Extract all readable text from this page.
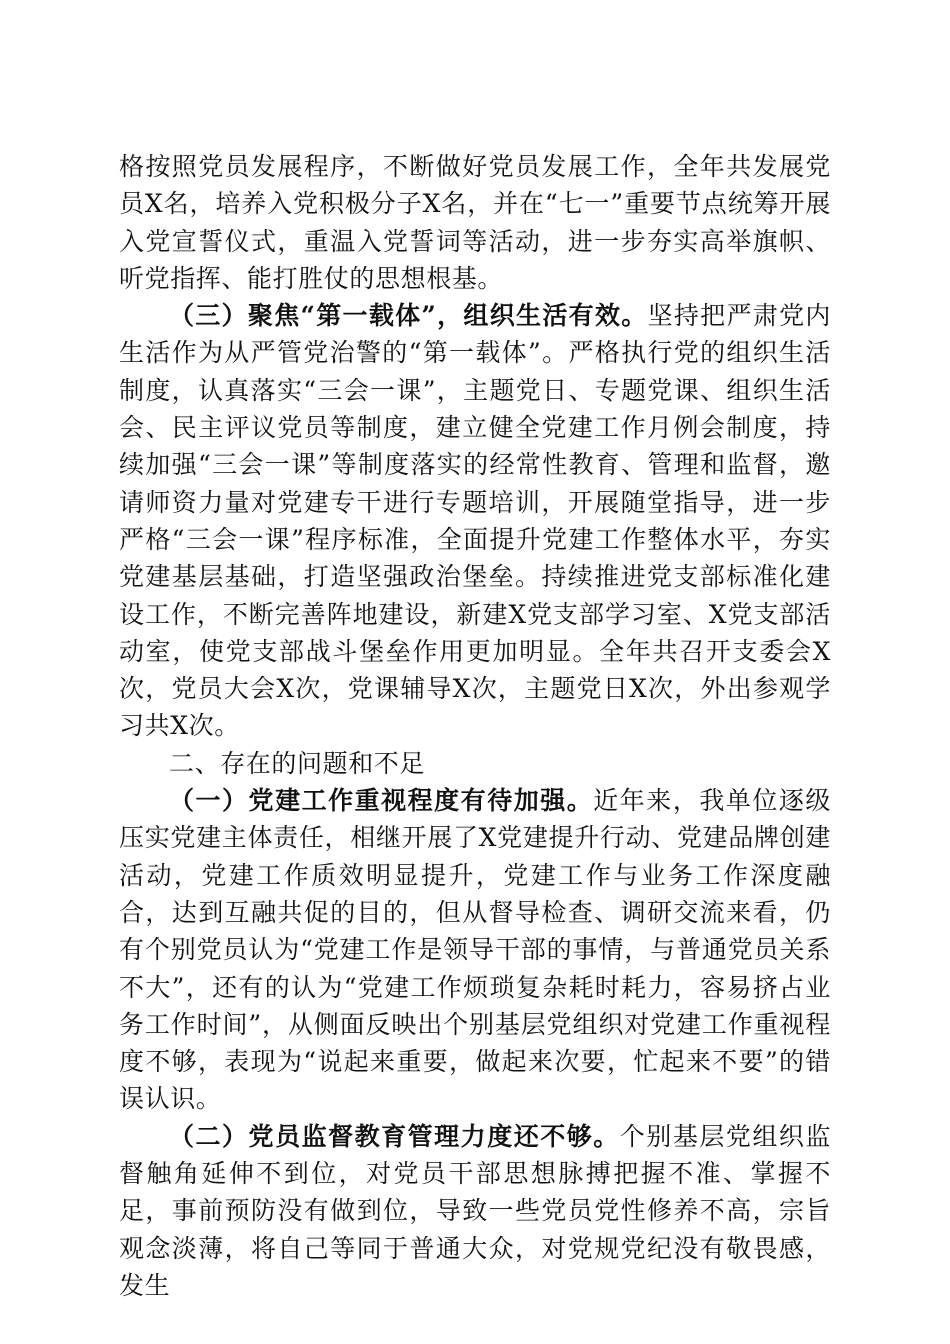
格按照党员发展程序，不断做好党员发展工作，全年共发展党员X名，培养入党积极分子X名，并在“七一”重要节点统筹开展入党宣誓仪式，重温入党誓词等活动，进一步夯实高举旗帜、听党指挥、能打胜仗的思想根基。

（三）聚焦“第一载体”，组织生活有效。坚持把严肃党内生活作为从严管党治警的“第一载体”。严格执行党的组织生活制度，认真落实“三会一课”，主题党日、专题党课、组织生活会、民主评议党员等制度，建立健全党建工作月例会制度，持续加强“三会一课”等制度落实的经常性教育、管理和监督，邀请师资力量对党建专干进行专题培训，开展随堂指导，进一步严格“三会一课”程序标准，全面提升党建工作整体水平，夯实党建基层基础，打造坚强政治堡垒。持续推进党支部标准化建设工作，不断完善阵地建设，新建X党支部学习室、X党支部活动室，使党支部战斗堡垒作用更加明显。全年共召开支委会X次，党员大会X次，党课辅导X次，主题党日X次，外出参观学习共X次。

二、存在的问题和不足

（一）党建工作重视程度有待加强。近年来，我单位逐级压实党建主体责任，相继开展了X党建提升行动、党建品牌创建活动，党建工作质效明显提升，党建工作与业务工作深度融合，达到互融共促的目的，但从督导检查、调研交流来看，仍有个别党员认为“党建工作是领导干部的事情，与普通党员关系不大”，还有的认为“党建工作烦琐复杂耗时耗力，容易挤占业务工作时间”，从侧面反映出个别基层党组织对党建工作重视程度不够，表现为“说起来重要，做起来次要，忙起来不要”的错误认识。

（二）党员监督教育管理力度还不够。个别基层党组织监督触角延伸不到位，对党员干部思想脉搏把握不准、掌握不足，事前预防没有做到位，导致一些党员党性修养不高，宗旨观念淡薄，将自己等同于普通大众，对党规党纪没有敬畏感，发生
